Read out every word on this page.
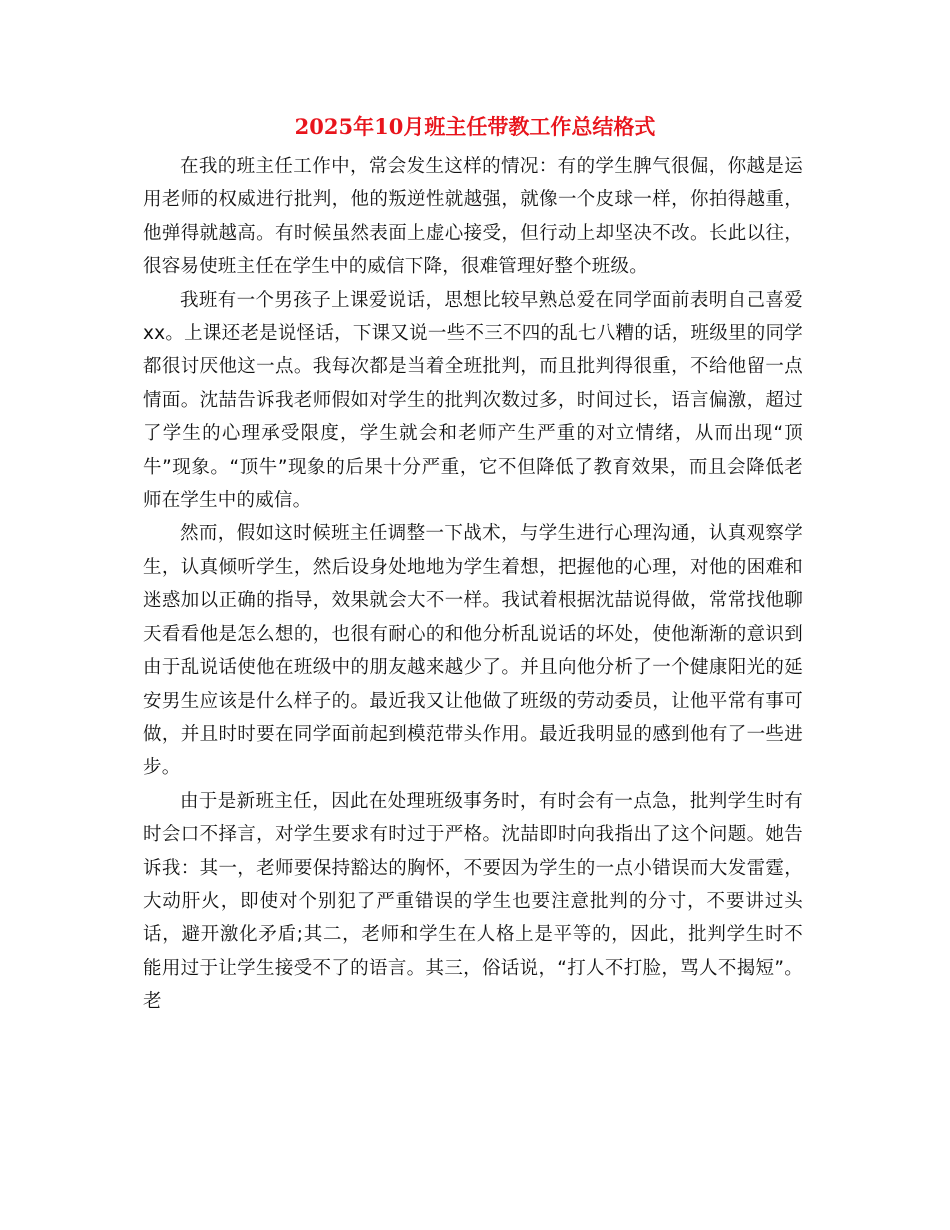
2025年10月班主任带教工作总结格式

在我的班主任工作中，常会发生这样的情况：有的学生脾气很倔，你越是运用老师的权威进行批判，他的叛逆性就越强，就像一个皮球一样，你拍得越重，他弹得就越高。有时候虽然表面上虚心接受，但行动上却坚决不改。长此以往，很容易使班主任在学生中的威信下降，很难管理好整个班级。

我班有一个男孩子上课爱说话，思想比较早熟总爱在同学面前表明自己喜爱xx。上课还老是说怪话，下课又说一些不三不四的乱七八糟的话，班级里的同学都很讨厌他这一点。我每次都是当着全班批判，而且批判得很重，不给他留一点情面。沈喆告诉我老师假如对学生的批判次数过多，时间过长，语言偏激，超过了学生的心理承受限度，学生就会和老师产生严重的对立情绪，从而出现“顶牛”现象。“顶牛”现象的后果十分严重，它不但降低了教育效果，而且会降低老师在学生中的威信。

然而，假如这时候班主任调整一下战术，与学生进行心理沟通，认真观察学生，认真倾听学生，然后设身处地地为学生着想，把握他的心理，对他的困难和迷惑加以正确的指导，效果就会大不一样。我试着根据沈喆说得做，常常找他聊天看看他是怎么想的，也很有耐心的和他分析乱说话的坏处，使他渐渐的意识到由于乱说话使他在班级中的朋友越来越少了。并且向他分析了一个健康阳光的延安男生应该是什么样子的。最近我又让他做了班级的劳动委员，让他平常有事可做，并且时时要在同学面前起到模范带头作用。最近我明显的感到他有了一些进步。

由于是新班主任，因此在处理班级事务时，有时会有一点急，批判学生时有时会口不择言，对学生要求有时过于严格。沈喆即时向我指出了这个问题。她告诉我：其一，老师要保持豁达的胸怀，不要因为学生的一点小错误而大发雷霆，大动肝火，即使对个别犯了严重错误的学生也要注意批判的分寸，不要讲过头话，避开激化矛盾;其二，老师和学生在人格上是平等的，因此，批判学生时不能用过于让学生接受不了的语言。其三，俗话说，“打人不打脸，骂人不揭短”。老
